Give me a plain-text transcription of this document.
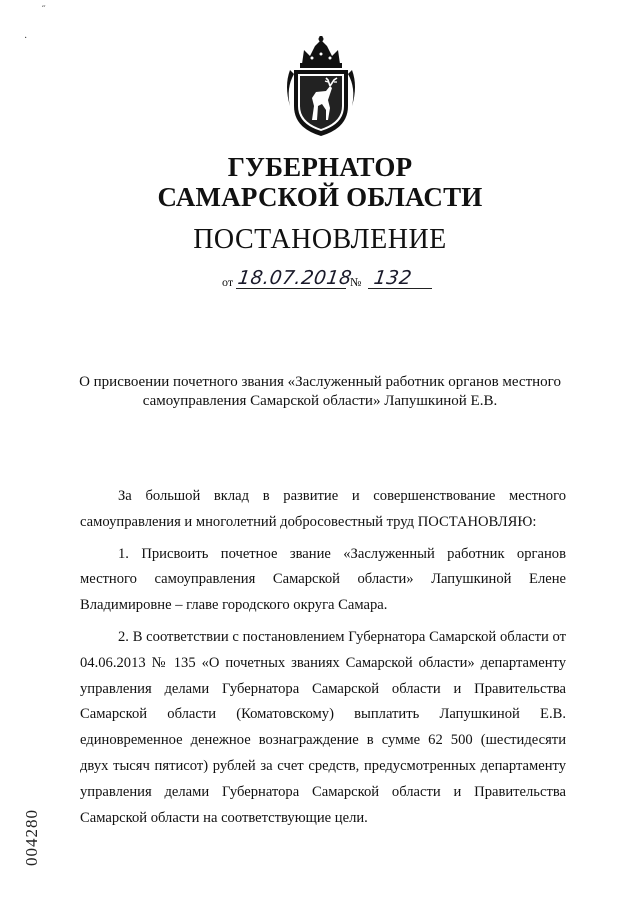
˝
·
ГУБЕРНАТОР
САМАРСКОЙ ОБЛАСТИ
ПОСТАНОВЛЕНИЕ
от 18.07.2018
№ 132
О присвоении почетного звания «Заслуженный работник органов местного самоуправления Самарской области» Лапушкиной Е.В.

За большой вклад в развитие и совершенствование местного самоуправления и многолетний добросовестный труд ПОСТАНОВЛЯЮ:

1. Присвоить почетное звание «Заслуженный работник органов местного самоуправления Самарской области» Лапушкиной Елене Владимировне – главе городского округа Самара.

2. В соответствии с постановлением Губернатора Самарской области от 04.06.2013 № 135 «О почетных званиях Самарской области» департаменту управления делами Губернатора Самарской области и Правительства Самарской области (Коматовскому) выплатить Лапушкиной Е.В. единовременное денежное вознаграждение в сумме 62 500 (шестидесяти двух тысяч пятисот) рублей за счет средств, предусмотренных департаменту управления делами Губернатора Самарской области и Правительства Самарской области на соответствующие цели.

004280
